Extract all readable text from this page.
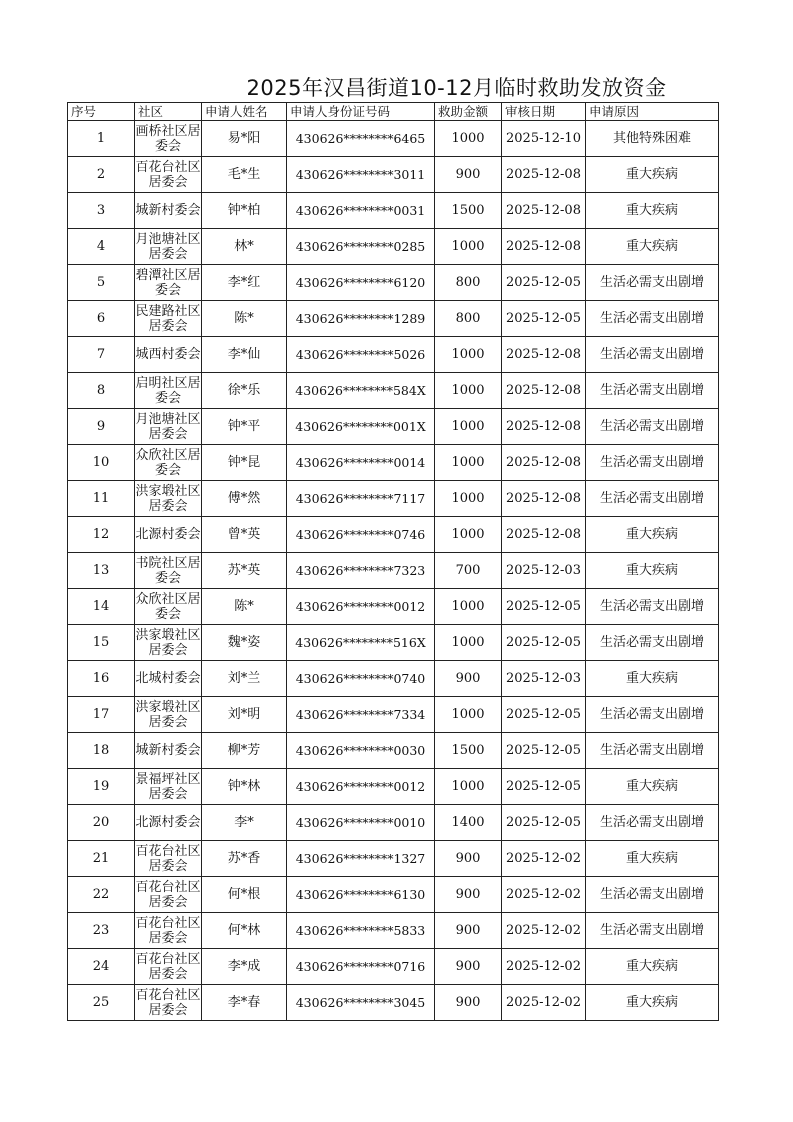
2025年汉昌街道10-12月临时救助发放资金
序号	社区	申请人姓名	申请人身份证号码	救助金额	审核日期	申请原因
1	画桥社区居委会	易*阳	430626********6465	1000	2025-12-10	其他特殊困难
2	百花台社区居委会	毛*生	430626********3011	900	2025-12-08	重大疾病
3	城新村委会	钟*柏	430626********0031	1500	2025-12-08	重大疾病
4	月池塘社区居委会	林*	430626********0285	1000	2025-12-08	重大疾病
5	碧潭社区居委会	李*红	430626********6120	800	2025-12-05	生活必需支出剧增
6	民建路社区居委会	陈*	430626********1289	800	2025-12-05	生活必需支出剧增
7	城西村委会	李*仙	430626********5026	1000	2025-12-08	生活必需支出剧增
8	启明社区居委会	徐*乐	430626********584X	1000	2025-12-08	生活必需支出剧增
9	月池塘社区居委会	钟*平	430626********001X	1000	2025-12-08	生活必需支出剧增
10	众欣社区居委会	钟*昆	430626********0014	1000	2025-12-08	生活必需支出剧增
11	洪家塅社区居委会	傅*然	430626********7117	1000	2025-12-08	生活必需支出剧增
12	北源村委会	曾*英	430626********0746	1000	2025-12-08	重大疾病
13	书院社区居委会	苏*英	430626********7323	700	2025-12-03	重大疾病
14	众欣社区居委会	陈*	430626********0012	1000	2025-12-05	生活必需支出剧增
15	洪家塅社区居委会	魏*姿	430626********516X	1000	2025-12-05	生活必需支出剧增
16	北城村委会	刘*兰	430626********0740	900	2025-12-03	重大疾病
17	洪家塅社区居委会	刘*明	430626********7334	1000	2025-12-05	生活必需支出剧增
18	城新村委会	柳*芳	430626********0030	1500	2025-12-05	生活必需支出剧增
19	景福坪社区居委会	钟*林	430626********0012	1000	2025-12-05	重大疾病
20	北源村委会	李*	430626********0010	1400	2025-12-05	生活必需支出剧增
21	百花台社区居委会	苏*香	430626********1327	900	2025-12-02	重大疾病
22	百花台社区居委会	何*根	430626********6130	900	2025-12-02	生活必需支出剧增
23	百花台社区居委会	何*林	430626********5833	900	2025-12-02	生活必需支出剧增
24	百花台社区居委会	李*成	430626********0716	900	2025-12-02	重大疾病
25	百花台社区居委会	李*春	430626********3045	900	2025-12-02	重大疾病
